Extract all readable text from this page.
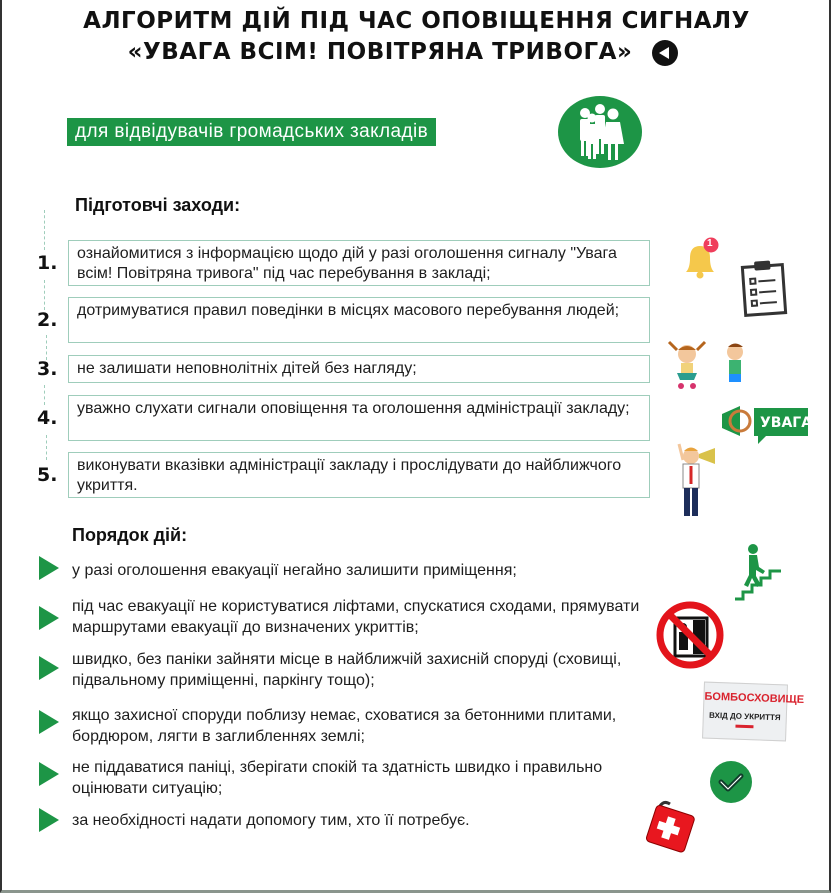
АЛГОРИТМ ДІЙ ПІД ЧАС ОПОВІЩЕННЯ СИГНАЛУ
«УВАГА ВСІМ! ПОВІТРЯНА ТРИВОГА»
для відвідувачів громадських закладів
Підготовчі заходи:
1.	ознайомитися з інформацією щодо дій у разі оголошення сигналу "Увага всім! Повітряна тривога" під час перебування в закладі;
2.	дотримуватися правил поведінки в місцях масового перебування людей;
3.	не залишати неповнолітніх дітей без нагляду;
4.	уважно слухати сигнали оповіщення та оголошення адміністрації закладу;
5.	виконувати вказівки адміністрації закладу і прослідувати до найближчого укриття.
Порядок дій:
у разі оголошення евакуації негайно залишити приміщення;
під час евакуації не користуватися ліфтами, спускатися сходами, прямувати маршрутами евакуації до визначених укриттів;
швидко, без паніки зайняти місце в найближчій захисній споруді (сховищі, підвальному приміщенні, паркінгу тощо);
якщо захисної споруди поблизу немає, сховатися за бетонними плитами, бордюром, лягти в заглибленнях землі;
не піддаватися паніці, зберігати спокій та здатність швидко і правильно оцінювати ситуацію;
за необхідності надати допомогу тим, хто її потребує.
1
УВАГА!
БОМБОСХОВИЩЕ
ВХІД ДО УКРИТТЯ
